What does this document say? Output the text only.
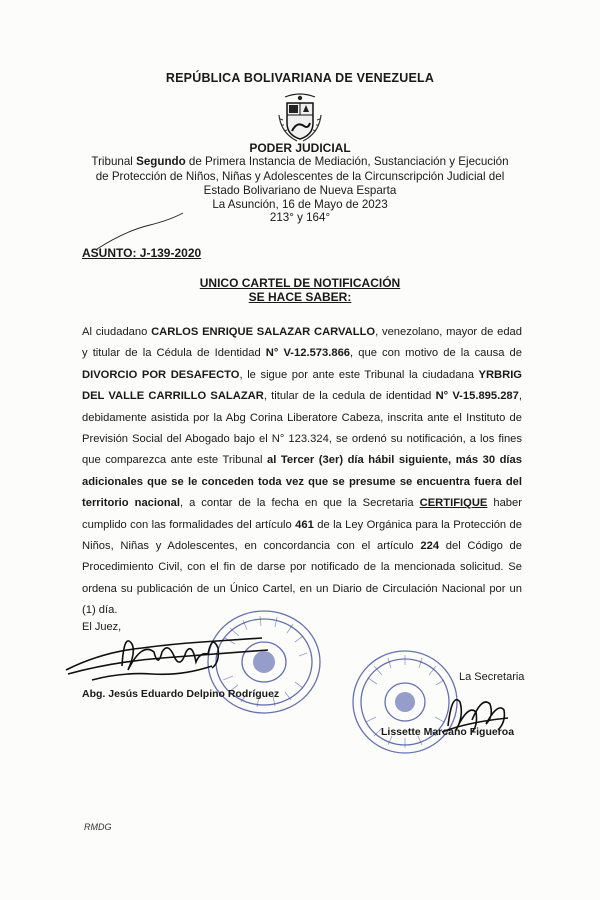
REPÚBLICA BOLIVARIANA DE VENEZUELA
PODER JUDICIAL
Tribunal Segundo de Primera Instancia de Mediación, Sustanciación y Ejecución
de Protección de Niños, Niñas y Adolescentes de la Circunscripción Judicial del
Estado Bolivariano de Nueva Esparta
La Asunción, 16 de Mayo de 2023
213° y 164°
ASUNTO: J-139-2020
UNICO CARTEL DE NOTIFICACIÓN
SE HACE SABER:
Al ciudadano CARLOS ENRIQUE SALAZAR CARVALLO, venezolano, mayor de edad y titular de la Cédula de Identidad N° V-12.573.866, que con motivo de la causa de DIVORCIO POR DESAFECTO, le sigue por ante este Tribunal la ciudadana YRBRIG DEL VALLE CARRILLO SALAZAR, titular de la cedula de identidad N° V-15.895.287, debidamente asistida por la Abg Corina Liberatore Cabeza, inscrita ante el Instituto de Previsión Social del Abogado bajo el N° 123.324, se ordenó su notificación, a los fines que comparezca ante este Tribunal al Tercer (3er) día hábil siguiente, más 30 días adicionales que se le conceden toda vez que se presume se encuentra fuera del territorio nacional, a contar de la fecha en que la Secretaria CERTIFIQUE haber cumplido con las formalidades del artículo 461 de la Ley Orgánica para la Protección de Niños, Niñas y Adolescentes, en concordancia con el artículo 224 del Código de Procedimiento Civil, con el fin de darse por notificado de la mencionada solicitud. Se ordena su publicación de un Único Cartel, en un Diario de Circulación Nacional por un (1) día.
El Juez,
Abg. Jesús Eduardo Delpino Rodríguez
La Secretaria
Lissette Marcano Figueroa
RMDG
